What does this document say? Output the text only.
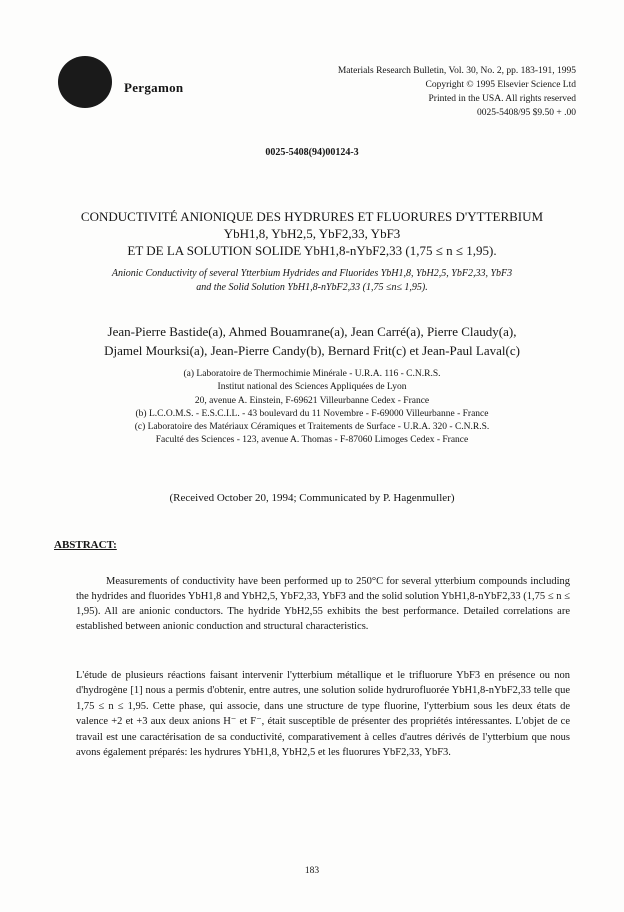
Pergamon
Materials Research Bulletin, Vol. 30, No. 2, pp. 183-191, 1995
Copyright © 1995 Elsevier Science Ltd
Printed in the USA. All rights reserved
0025-5408/95 $9.50 + .00
0025-5408(94)00124-3
CONDUCTIVITÉ ANIONIQUE DES HYDRURES ET FLUORURES D'YTTERBIUM
YbH1,8, YbH2,5, YbF2,33, YbF3
ET DE LA SOLUTION SOLIDE YbH1,8-nYbF2,33 (1,75 ≤ n ≤ 1,95).
Anionic Conductivity of several Ytterbium Hydrides and Fluorides YbH1,8, YbH2,5, YbF2,33, YbF3
and the Solid Solution YbH1,8-nYbF2,33 (1,75 ≤n≤ 1,95).
Jean-Pierre Bastide(a), Ahmed Bouamrane(a), Jean Carré(a), Pierre Claudy(a),
Djamel Mourksi(a), Jean-Pierre Candy(b), Bernard Frit(c) et Jean-Paul Laval(c)
(a) Laboratoire de Thermochimie Minérale - U.R.A. 116 - C.N.R.S.
Institut national des Sciences Appliquées de Lyon
20, avenue A. Einstein, F-69621 Villeurbanne Cedex - France
(b) L.C.O.M.S. - E.S.C.I.L. - 43 boulevard du 11 Novembre - F-69000 Villeurbanne - France
(c) Laboratoire des Matériaux Céramiques et Traitements de Surface - U.R.A. 320 - C.N.R.S.
Faculté des Sciences - 123, avenue A. Thomas - F-87060 Limoges Cedex - France
(Received October 20, 1994; Communicated by P. Hagenmuller)
ABSTRACT:
Measurements of conductivity have been performed up to 250°C for several ytterbium compounds including the hydrides and fluorides YbH1,8 and YbH2,5, YbF2,33, YbF3 and the solid solution YbH1,8-nYbF2,33 (1,75 ≤ n ≤ 1,95). All are anionic conductors. The hydride YbH2,55 exhibits the best performance. Detailed correlations are established between anionic conduction and structural characteristics.
L'étude de plusieurs réactions faisant intervenir l'ytterbium métallique et le trifluorure YbF3 en présence ou non d'hydrogène [1] nous a permis d'obtenir, entre autres, une solution solide hydrurofluorée YbH1,8-nYbF2,33 telle que 1,75 ≤ n ≤ 1,95. Cette phase, qui associe, dans une structure de type fluorine, l'ytterbium sous les deux états de valence +2 et +3 aux deux anions H⁻ et F⁻, était susceptible de présenter des propriétés intéressantes. L'objet de ce travail est une caractérisation de sa conductivité, comparativement à celles d'autres dérivés de l'ytterbium que nous avons également préparés: les hydrures YbH1,8, YbH2,5 et les fluorures YbF2,33, YbF3.
183
